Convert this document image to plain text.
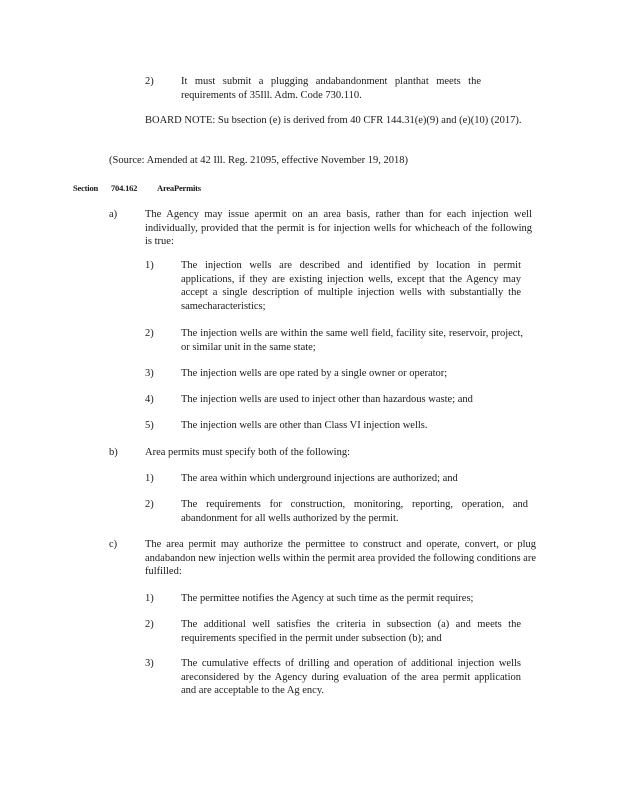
2)	It must submit a plugging andabandonment planthat meets the requirements of 35Ill. Adm. Code 730.110.
BOARD NOTE: Su bsection (e) is derived from 40 CFR 144.31(e)(9) and (e)(10) (2017).
(Source: Amended at 42 Ill. Reg. 21095, effective November 19, 2018)
Section 704.162 AreaPermits
a)	The Agency may issue apermit on an area basis, rather than for each injection well individually, provided that the permit is for injection wells for whicheach of the following is true:
1)	The injection wells are described and identified by location in permit applications, if they are existing injection wells, except that the Agency may accept a single description of multiple injection wells with substantially the samecharacteristics;
2)	The injection wells are within the same well field, facility site, reservoir, project, or similar unit in the same state;
3)	The injection wells are ope rated by a single owner or operator;
4)	The injection wells are used to inject other than hazardous waste; and
5)	The injection wells are other than Class VI injection wells.
b)	Area permits must specify both of the following:
1)	The area within which underground injections are authorized; and
2)	The requirements for construction, monitoring, reporting, operation, and abandonment for all wells authorized by the permit.
c)	The area permit may authorize the permittee to construct and operate, convert, or plug andabandon new injection wells within the permit area provided the following conditions are fulfilled:
1)	The permittee notifies the Agency at such time as the permit requires;
2)	The additional well satisfies the criteria in subsection (a) and meets the requirements specified in the permit under subsection (b); and
3)	The cumulative effects of drilling and operation of additional injection wells areconsidered by the Agency during evaluation of the area permit application and are acceptable to the Ag ency.
